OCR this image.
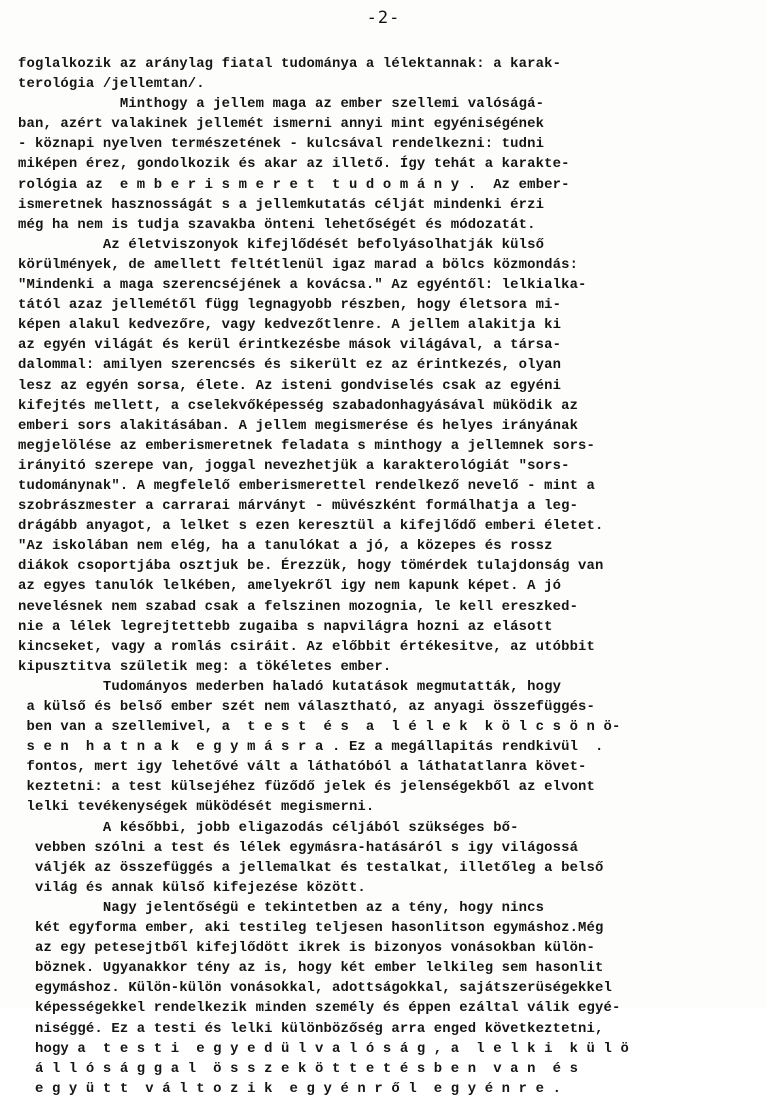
-2-
foglalkozik az aránylag fiatal tudománya a lélektannak: a karak-
terológia /jellemtan/.
Minthogy a jellem maga az ember szellemi valóságá-
ban, azért valakinek jellemét ismerni annyi mint egyéniségének
- köznapi nyelven természetének - kulcsával rendelkezni: tudni
miképen érez, gondolkozik és akar az illető. Így tehát a karakte-
rológia az  e m b e r i s m e r e t  t u d o m á n y .  Az ember-
ismeretnek hasznosságát s a jellemkutatás célját mindenki érzi
még ha nem is tudja szavakba önteni lehetőségét és módozatát.
Az életviszonyok kifejlődését befolyásolhatják külső
körülmények, de amellett feltétlenül igaz marad a bölcs közmondás:
"Mindenki a maga szerencséjének a kovácsa." Az egyéntől: lelkialka-
tától azaz jellemétől függ legnagyobb részben, hogy életsora mi-
képen alakul kedvezőre, vagy kedvezőtlenre. A jellem alakitja ki
az egyén világát és kerül érintkezésbe mások világával, a társa-
dalommal: amilyen szerencsés és sikerült ez az érintkezés, olyan
lesz az egyén sorsa, élete. Az isteni gondviselés csak az egyéni
kifejtés mellett, a cselekvőképesség szabadonhagyásával müködik az
emberi sors alakitásában. A jellem megismerése és helyes irányának
megjelölése az emberismeretnek feladata s minthogy a jellemnek sors-
irányitó szerepe van, joggal nevezhetjük a karakterológiát "sors-
tudománynak". A megfelelő emberismerettel rendelkező nevelő - mint a
szobrászmester a carrarai márványt - müvészként formálhatja a leg-
drágább anyagot, a lelket s ezen keresztül a kifejlődő emberi életet.
"Az iskolában nem elég, ha a tanulókat a jó, a közepes és rossz
diákok csoportjába osztjuk be. Érezzük, hogy tömérdek tulajdonság van
az egyes tanulók lelkében, amelyekről igy nem kapunk képet. A jó
nevelésnek nem szabad csak a felszinen mozognia, le kell ereszked-
nie a lélek legrejtettebb zugaiba s napvilágra hozni az elásott
kincseket, vagy a romlás csiráit. Az előbbit értékesitve, az utóbbit
kipusztitva születik meg: a tökéletes ember.
Tudományos mederben haladó kutatások megmutatták, hogy
a külső és belső ember szét nem választható, az anyagi összefüggés-
ben van a szellemivel, a  t e s t  é s  a  l é l e k  k ö l c s ö n ö-
s e n  h a t n a k  e g y m á s r a . Ez a megállapitás rendkivül  .
fontos, mert igy lehetővé vált a láthatóból a láthatatlanra követ-
keztetni: a test külsejéhez füződő jelek és jelenségekből az elvont
lelki tevékenységek müködését megismerni.
A későbbi, jobb eligazodás céljából szükséges bő-
vebben szólni a test és lélek egymásra-hatásáról s igy világossá
váljék az összefüggés a jellemalkat és testalkat, illetőleg a belső
világ és annak külső kifejezése között.
Nagy jelentőségü e tekintetben az a tény, hogy nincs
két egyforma ember, aki testileg teljesen hasonlitson egymáshoz.Még
az egy petesejtből kifejlődött ikrek is bizonyos vonásokban külön-
böznek. Ugyanakkor tény az is, hogy két ember lelkileg sem hasonlit
egymáshoz. Külön-külön vonásokkal, adottságokkal, sajátszerüségekkel
képességekkel rendelkezik minden személy és éppen ezáltal válik egyé-
niséggé. Ez a testi és lelki különbözőség arra enged következtetni,
hogy a  t e s t i  e g y e d ü l v a l ó s á g , a  l e l k i  k ü l ö
á l l ó s á g g a l  ö s s z e k ö t t e t é s b e n  v a n  é s
e g y ü t t  v á l t o z i k  e g y é n r ő l  e g y é n r e .
